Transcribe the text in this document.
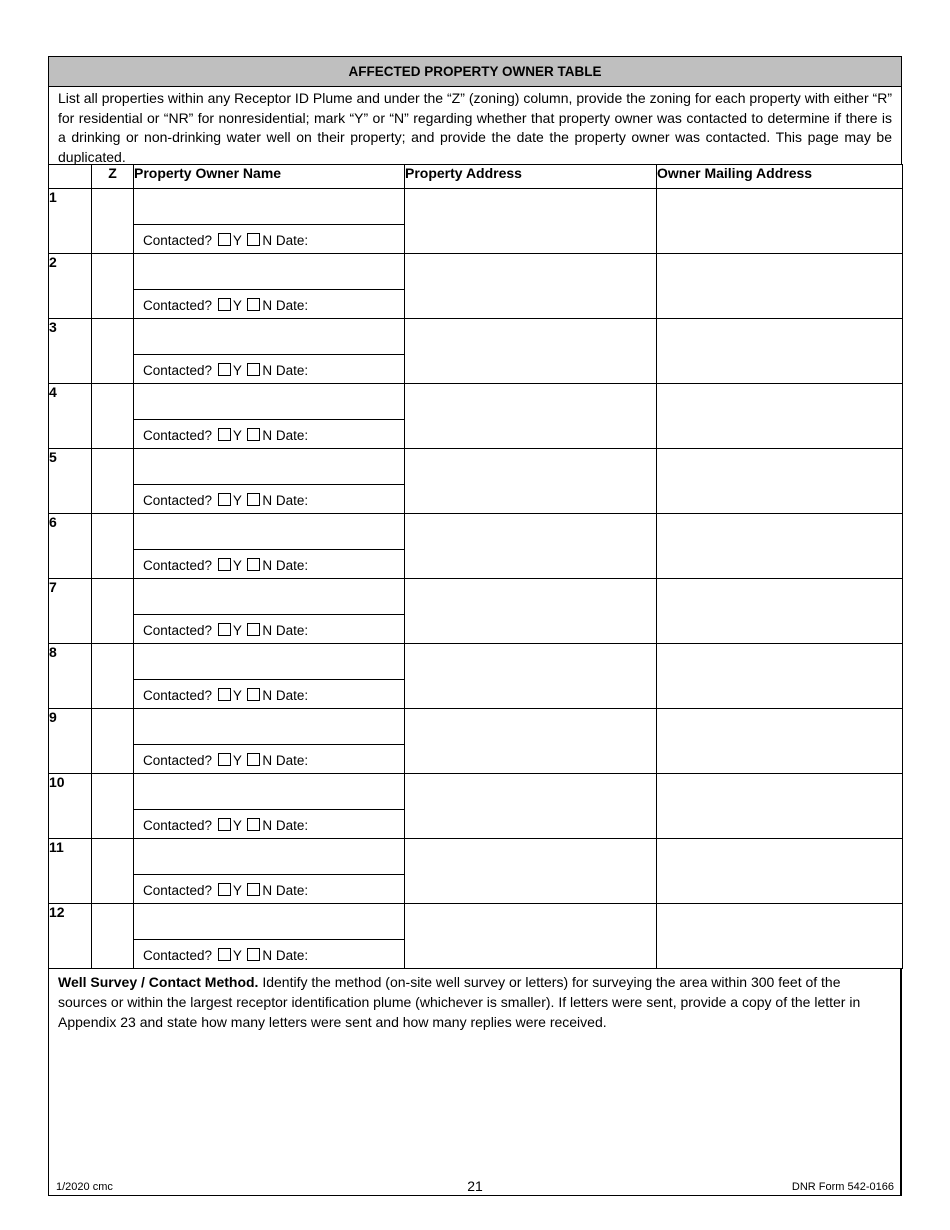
AFFECTED PROPERTY OWNER TABLE
List all properties within any Receptor ID Plume and under the “Z” (zoning) column, provide the zoning for each property with either “R” for residential or “NR” for nonresidential; mark “Y” or “N” regarding whether that property owner was contacted to determine if there is a drinking or non-drinking water well on their property; and provide the date the property owner was contacted. This page may be duplicated.
	Z	Property Owner Name	Property Address	Owner Mailing Address
1		Contacted? Y N Date:		

2		Contacted? Y N Date:		

3		Contacted? Y N Date:		

4		Contacted? Y N Date:		

5		Contacted? Y N Date:		

6		Contacted? Y N Date:		

7		Contacted? Y N Date:		

8		Contacted? Y N Date:		

9		Contacted? Y N Date:		

10		Contacted? Y N Date:		

11		Contacted? Y N Date:		

12		Contacted? Y N Date:		

Well Survey / Contact Method. Identify the method (on-site well survey or letters) for surveying the area within 300 feet of the sources or within the largest receptor identification plume (whichever is smaller). If letters were sent, provide a copy of the letter in Appendix 23 and state how many letters were sent and how many replies were received.
1/2020 cmc	21	DNR Form 542-0166
